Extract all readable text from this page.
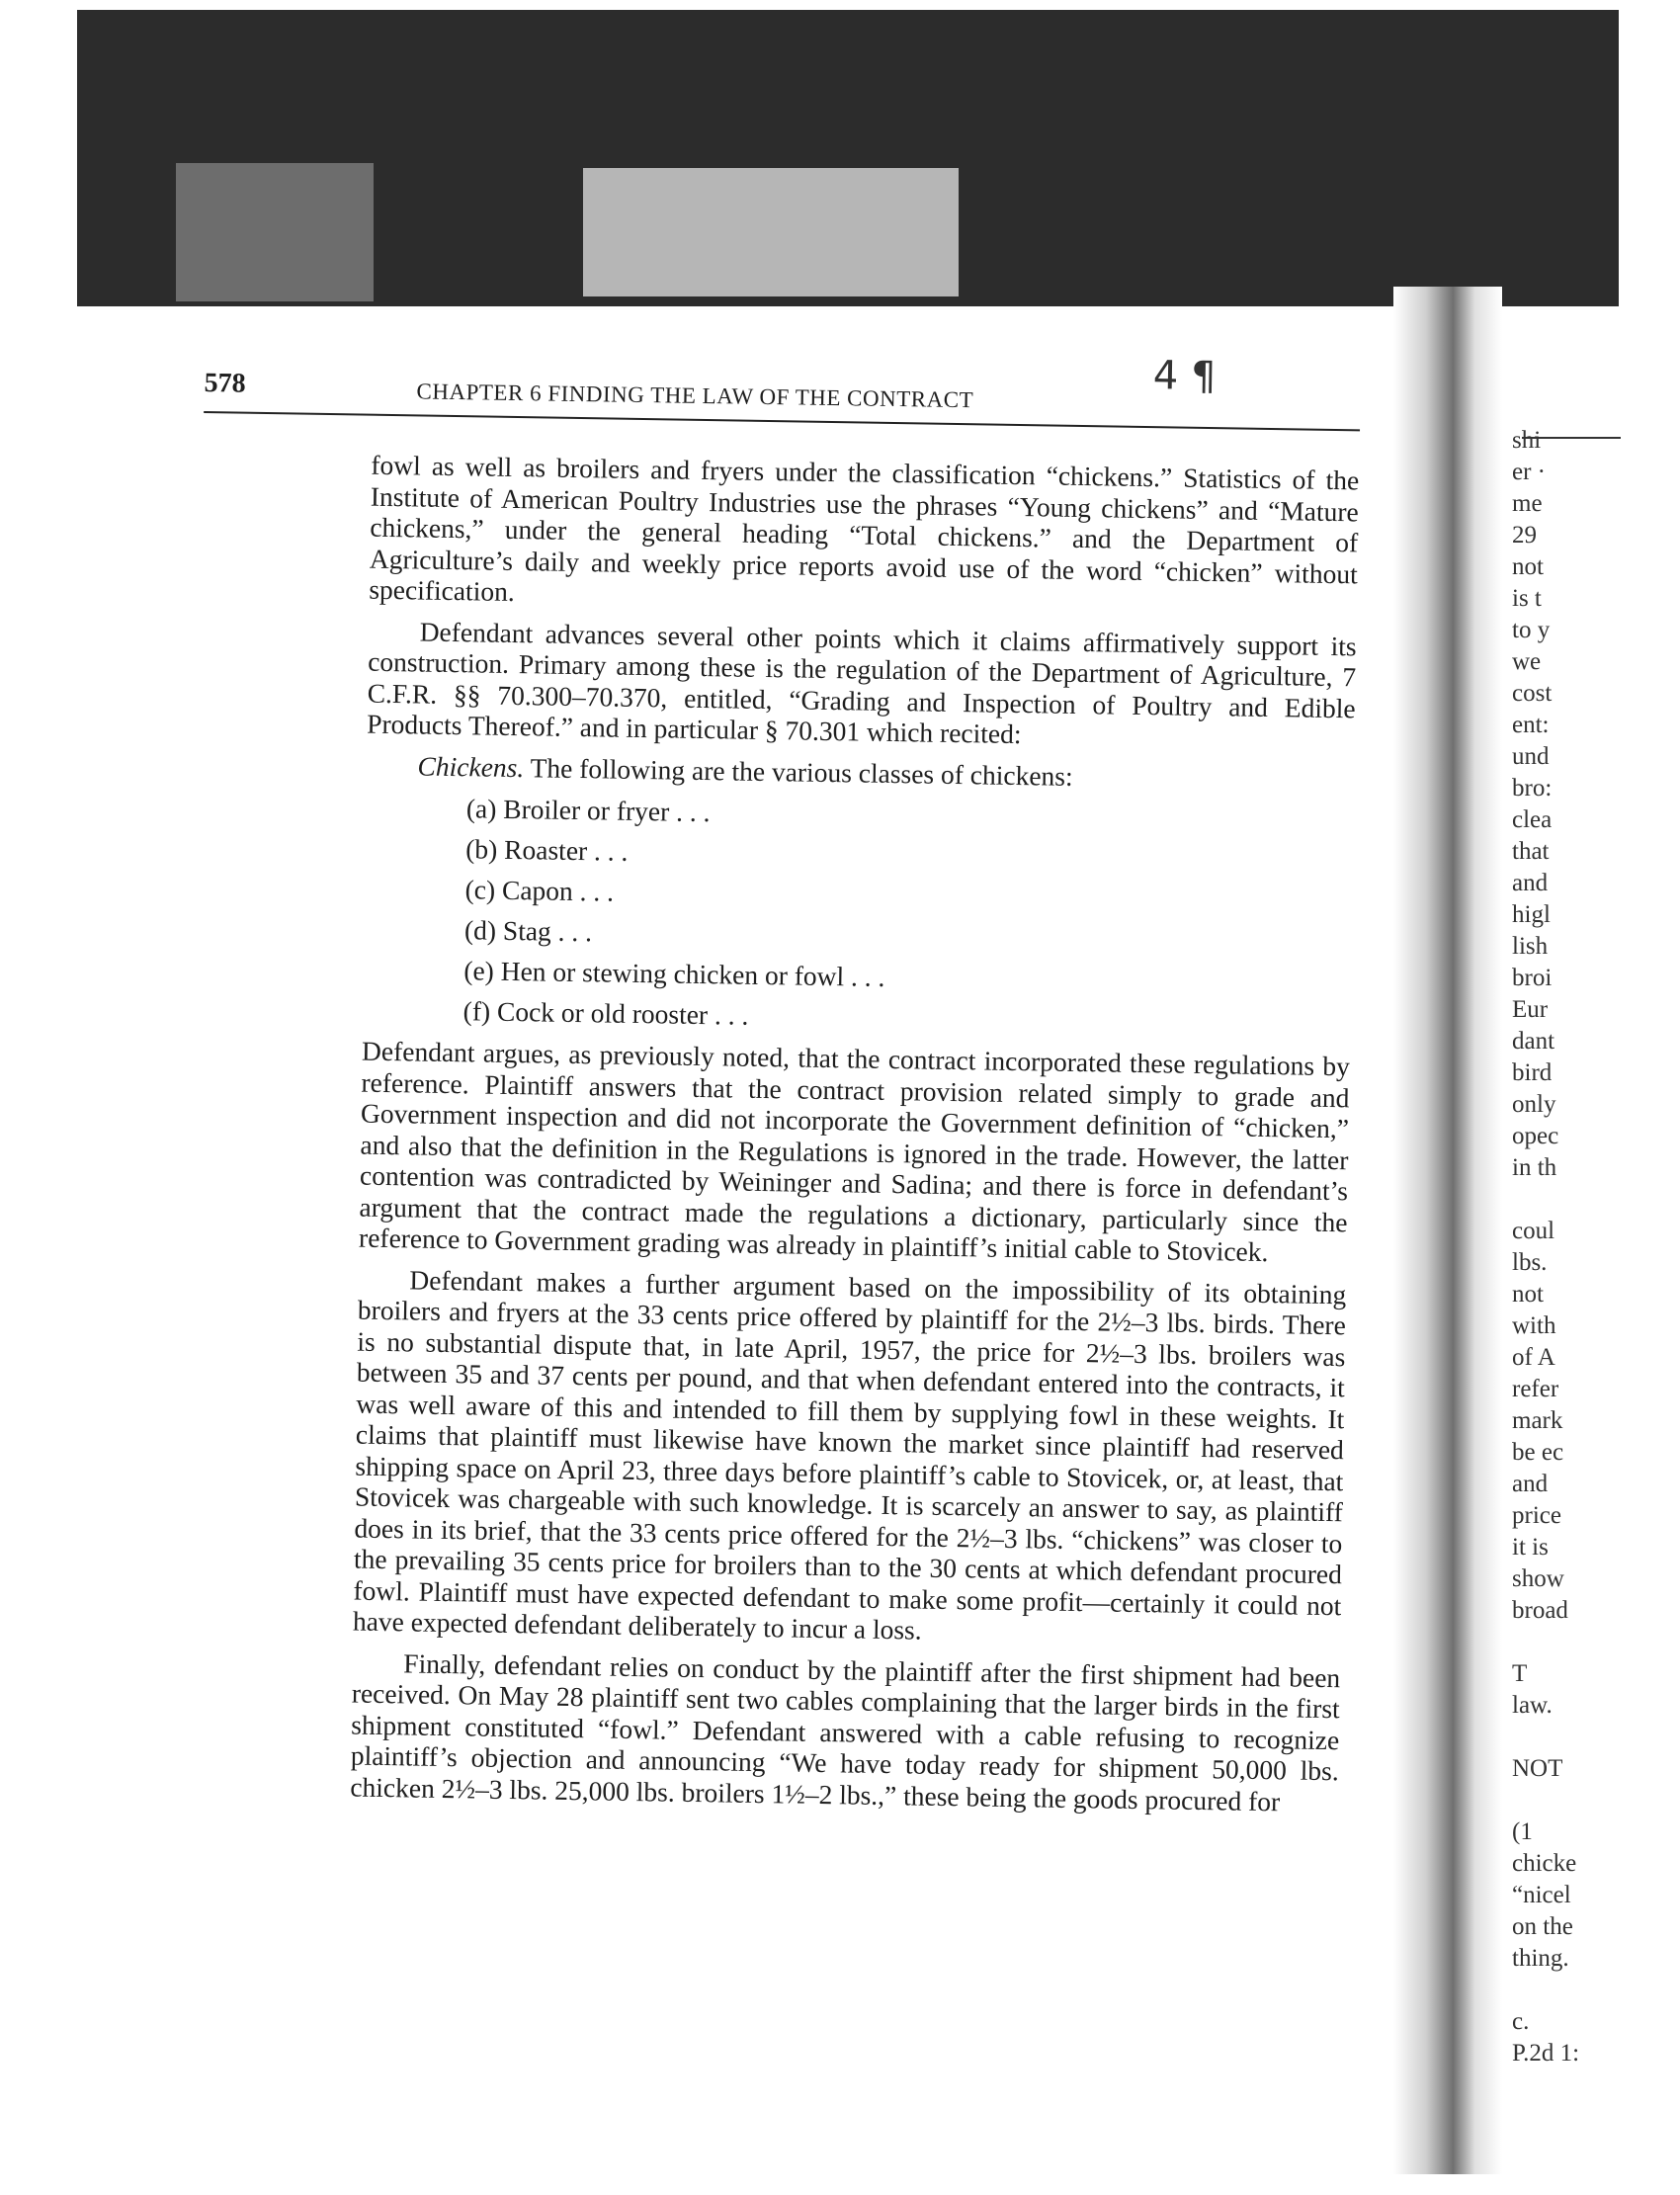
578	CHAPTER 6 FINDING THE LAW OF THE CONTRACT	4 ¶

fowl as well as broilers and fryers under the classification “chickens.” Statistics of the Institute of American Poultry Industries use the phrases “Young chickens” and “Mature chickens,” under the general heading “Total chickens.” and the Department of Agriculture’s daily and weekly price reports avoid use of the word “chicken” without specification.

Defendant advances several other points which it claims affirmatively support its construction. Primary among these is the regulation of the Department of Agriculture, 7 C.F.R. §§ 70.300–70.370, entitled, “Grading and Inspection of Poultry and Edible Products Thereof.” and in particular § 70.301 which recited:

Chickens. The following are the various classes of chickens:

(a) Broiler or fryer . . .
(b) Roaster . . .
(c) Capon . . .
(d) Stag . . .
(e) Hen or stewing chicken or fowl . . .
(f) Cock or old rooster . . .

Defendant argues, as previously noted, that the contract incorporated these regulations by reference. Plaintiff answers that the contract provision related simply to grade and Government inspection and did not incorporate the Government definition of “chicken,” and also that the definition in the Regulations is ignored in the trade. However, the latter contention was contradicted by Weininger and Sadina; and there is force in defendant’s argument that the contract made the regulations a dictionary, particularly since the reference to Government grading was already in plaintiff’s initial cable to Stovicek.

Defendant makes a further argument based on the impossibility of its obtaining broilers and fryers at the 33 cents price offered by plaintiff for the 2½–3 lbs. birds. There is no substantial dispute that, in late April, 1957, the price for 2½–3 lbs. broilers was between 35 and 37 cents per pound, and that when defendant entered into the contracts, it was well aware of this and intended to fill them by supplying fowl in these weights. It claims that plaintiff must likewise have known the market since plaintiff had reserved shipping space on April 23, three days before plaintiff’s cable to Stovicek, or, at least, that Stovicek was chargeable with such knowledge. It is scarcely an answer to say, as plaintiff does in its brief, that the 33 cents price offered for the 2½–3 lbs. “chickens” was closer to the prevailing 35 cents price for broilers than to the 30 cents at which defendant procured fowl. Plaintiff must have expected defendant to make some profit—certainly it could not have expected defendant deliberately to incur a loss.

Finally, defendant relies on conduct by the plaintiff after the first shipment had been received. On May 28 plaintiff sent two cables complaining that the larger birds in the first shipment constituted “fowl.” Defendant answered with a cable refusing to recognize plaintiff’s objection and announcing “We have today ready for shipment 50,000 lbs. chicken 2½–3 lbs. 25,000 lbs. broilers 1½–2 lbs.,” these being the goods procured for

shi
er ·
me
29
not
is t
to y
we
cost
ent:
und
bro:
clea
that
and
higl
lish
broi
Eur
dant
bird
only
opec
in th

coul
lbs.
not
with
of A
refer
mark
be ec
and
price
it is
show
broad

T
law.

NOT

(1
chicke
“nicel
on the
thing.

c.
P.2d 1:
